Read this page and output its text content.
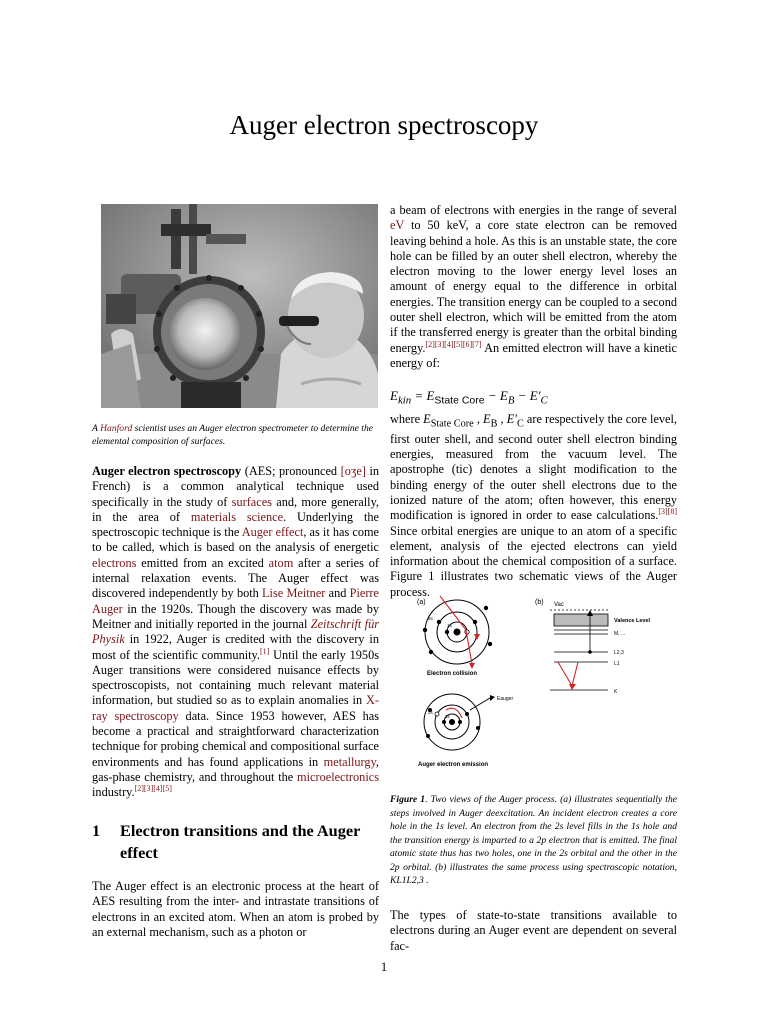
Auger electron spectroscopy
A Hanford scientist uses an Auger electron spectrometer to determine the elemental composition of surfaces.

Auger electron spectroscopy (AES; pronounced [oʒe] in French) is a common analytical technique used specifically in the study of surfaces and, more generally, in the area of materials science. Underlying the spectroscopic technique is the Auger effect, as it has come to be called, which is based on the analysis of energetic electrons emitted from an excited atom after a series of internal relaxation events. The Auger effect was discovered independently by both Lise Meitner and Pierre Auger in the 1920s. Though the discovery was made by Meitner and initially reported in the journal Zeitschrift für Physik in 1922, Auger is credited with the discovery in most of the scientific community.[1] Until the early 1950s Auger transitions were considered nuisance effects by spectroscopists, not containing much relevant material information, but studied so as to explain anomalies in X-ray spectroscopy data. Since 1953 however, AES has become a practical and straightforward characterization technique for probing chemical and compositional surface environments and has found applications in metallurgy, gas-phase chemistry, and throughout the microelectronics industry.[2][3][4][5]

1 Electron transitions and the Auger effect

The Auger effect is an electronic process at the heart of AES resulting from the inter- and intrastate transitions of electrons in an excited atom. When an atom is probed by an external mechanism, such as a photon or

a beam of electrons with energies in the range of several eV to 50 keV, a core state electron can be removed leaving behind a hole. As this is an unstable state, the core hole can be filled by an outer shell electron, whereby the electron moving to the lower energy level loses an amount of energy equal to the difference in orbital energies. The transition energy can be coupled to a second outer shell electron, which will be emitted from the atom if the transferred energy is greater than the orbital binding energy.[2][3][4][5][6][7] An emitted electron will have a kinetic energy of:

$E_{kin} = E_{State Core} - E_B - E'_C$

where $E_{State Core}$ , $E_B$ , $E'_C$ are respectively the core level, first outer shell, and second outer shell electron binding energies, measured from the vacuum level. The apostrophe (tic) denotes a slight modification to the binding energy of the outer shell electrons due to the ionized nature of the atom; often however, this energy modification is ignored in order to ease calculations.[3][8] Since orbital energies are unique to an atom of a specific element, analysis of the ejected electrons can yield information about the chemical composition of a surface. Figure 1 illustrates two schematic views of the Auger process.

(a)	(b)
2s
1s
Electron collision
2s
1s
Eauger
Auger electron emission
Vac
Valence Level
M, ...
L2,3
L1
K
Figure 1. Two views of the Auger process. (a) illustrates sequentially the steps involved in Auger deexcitation. An incident electron creates a core hole in the 1s level. An electron from the 2s level fills in the 1s hole and the transition energy is imparted to a 2p electron that is emitted. The final atomic state thus has two holes, one in the 2s orbital and the other in the 2p orbital. (b) illustrates the same process using spectroscopic notation, KL1L2,3 .

The types of state-to-state transitions available to electrons during an Auger event are dependent on several fac-

1
